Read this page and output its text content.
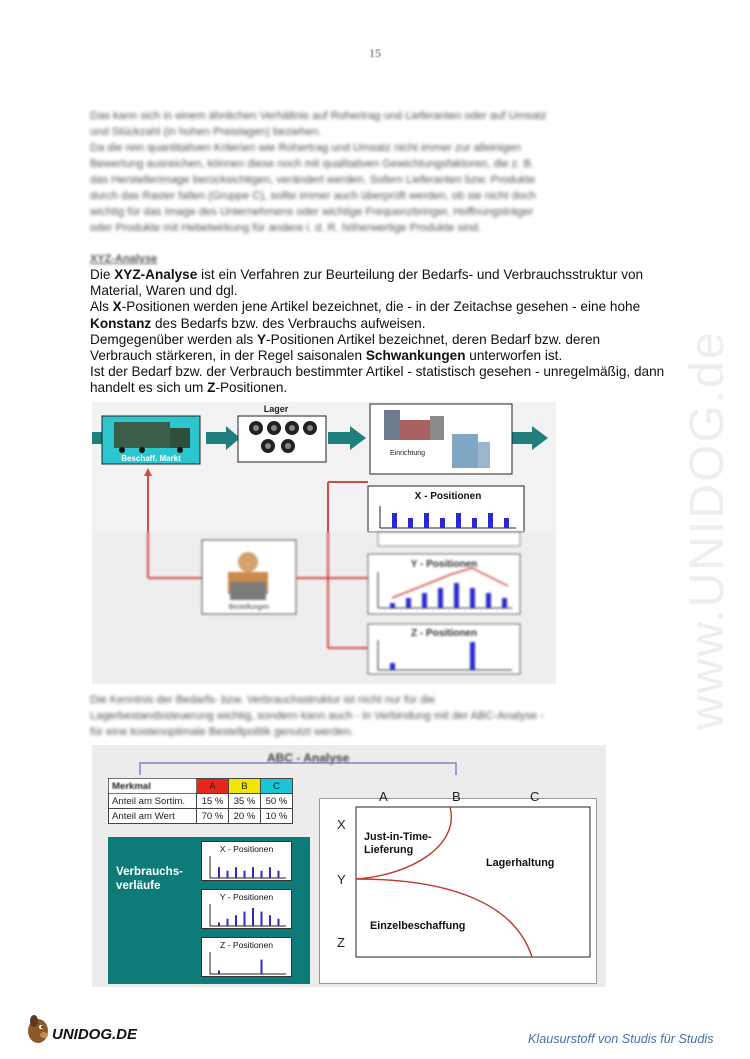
15
Das kann sich in einem ähnlichen Verhältnis auf Rohertrag und Lieferanten oder auf Umsatz
und Stückzahl (in hohen Preislagen) beziehen.
Da die rein quantitativen Kriterien wie Rohertrag und Umsatz nicht immer zur alleinigen
Bewertung ausreichen, können diese noch mit qualitativen Gewichtungsfaktoren, die z. B.
das Herstellerimage berücksichtigen, verändert werden. Sofern Lieferanten bzw. Produkte
durch das Raster fallen (Gruppe C), sollte immer auch überprüft werden, ob sie nicht doch
wichtig für das Image des Unternehmens oder wichtige Frequenzbringer, Hoffnungsträger
oder Produkte mit Hebelwirkung für andere i. d. R. höherwertige Produkte sind.
XYZ-Analyse

Die XYZ-Analyse ist ein Verfahren zur Beurteilung der Bedarfs- und Verbrauchsstruktur von Material, Waren und dgl.

Als X-Positionen werden jene Artikel bezeichnet, die - in der Zeitachse gesehen - eine hohe Konstanz des Bedarfs bzw. des Verbrauchs aufweisen.

Demgegenüber werden als Y-Positionen Artikel bezeichnet, deren Bedarf bzw. deren Verbrauch stärkeren, in der Regel saisonalen Schwankungen unterworfen ist.

Ist der Bedarf bzw. der Verbrauch bestimmter Artikel - statistisch gesehen - unregelmäßig, dann handelt es sich um Z-Positionen.	www.UNIDOG.de
Beschaff. Markt
Lager
Einrichtung
X - Positionen
Bestellungen
Y - Positionen
Z - Positionen
Die Kenntnis der Bedarfs- bzw. Verbrauchsstruktur ist nicht nur für die
Lagerbestandssteuerung wichtig, sondern kann auch - in Verbindung mit der ABC-Analyse -
für eine kostenoptimale Bestellpolitik genutzt werden.
ABC - Analyse
Merkmal	A	B	C
Anteil am Sortim.	15 %	35 %	50 %
Anteil am Wert	70 %	20 %	10 %
Verbrauchs-
verläufe
X - Positionen
Y - Positionen
Z - Positionen
A	B	C
X
Y
Z
Just-in-Time-
Lieferung
Lagerhaltung
Einzelbeschaffung
UNIDOG.DE	Klausurstoff von Studis für Studis
